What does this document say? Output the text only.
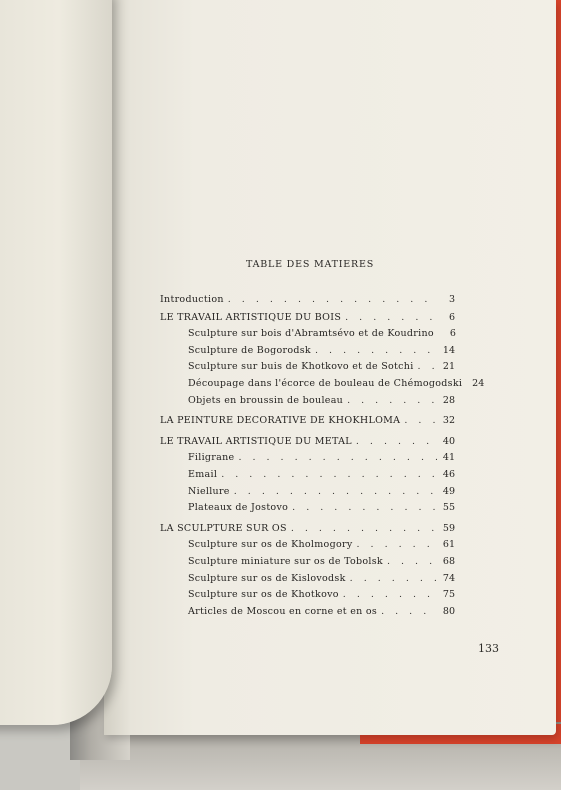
TABLE DES MATIERES
Introduction . . .	3
LE TRAVAIL ARTISTIQUE DU BOIS . . .	6
Sculpture sur bois d'Abramtsévo et de Koudrino	6
Sculpture de Bogorodsk . . .	14
Sculpture sur buis de Khotkovo et de Sotchi . . .	21
Découpage dans l'écorce de bouleau de Chémogodski 24
Objets en broussin de bouleau . . .	28
LA PEINTURE DECORATIVE DE KHOKHLOMA . . .	32
LE TRAVAIL ARTISTIQUE DU METAL . . .	40
Filigrane . . .	41
Email . . .	46
Niellure . . .	49
Plateaux de Jostovo . . .	55
LA SCULPTURE SUR OS . . .	59
Sculpture sur os de Kholmogory . . .	61
Sculpture miniature sur os de Tobolsk . . .	68
Sculpture sur os de Kislovodsk . . .	74
Sculpture sur os de Khotkovo . . .	75
Articles de Moscou en corne et en os . . .	80
133
